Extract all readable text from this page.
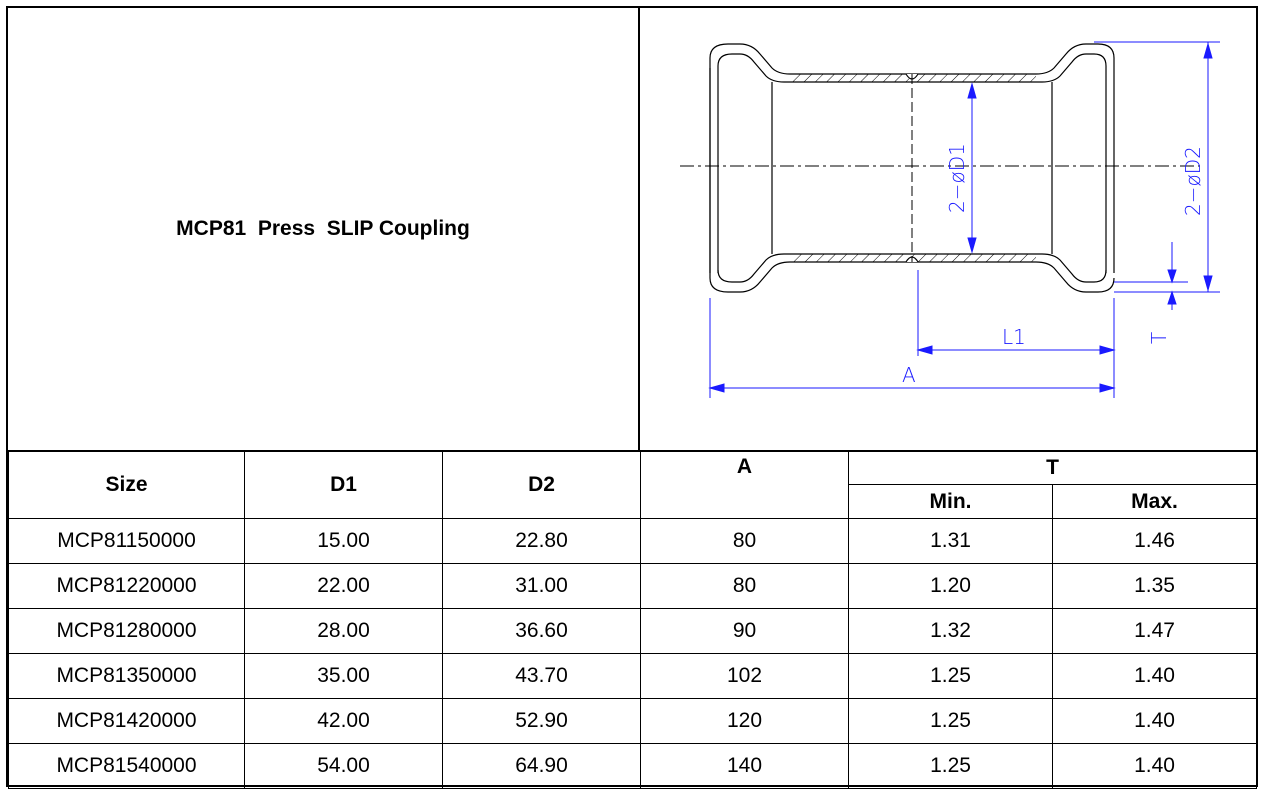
MCP81  Press  SLIP Coupling
2−øD1	2−øD2
T
L1
A
Size	D1	D2	A	T	
				Min.	Max.
MCP81150000	15.00	22.80	80	1.31	1.46
MCP81220000	22.00	31.00	80	1.20	1.35
MCP81280000	28.00	36.60	90	1.32	1.47
MCP81350000	35.00	43.70	102	1.25	1.40
MCP81420000	42.00	52.90	120	1.25	1.40
MCP81540000	54.00	64.90	140	1.25	1.40
